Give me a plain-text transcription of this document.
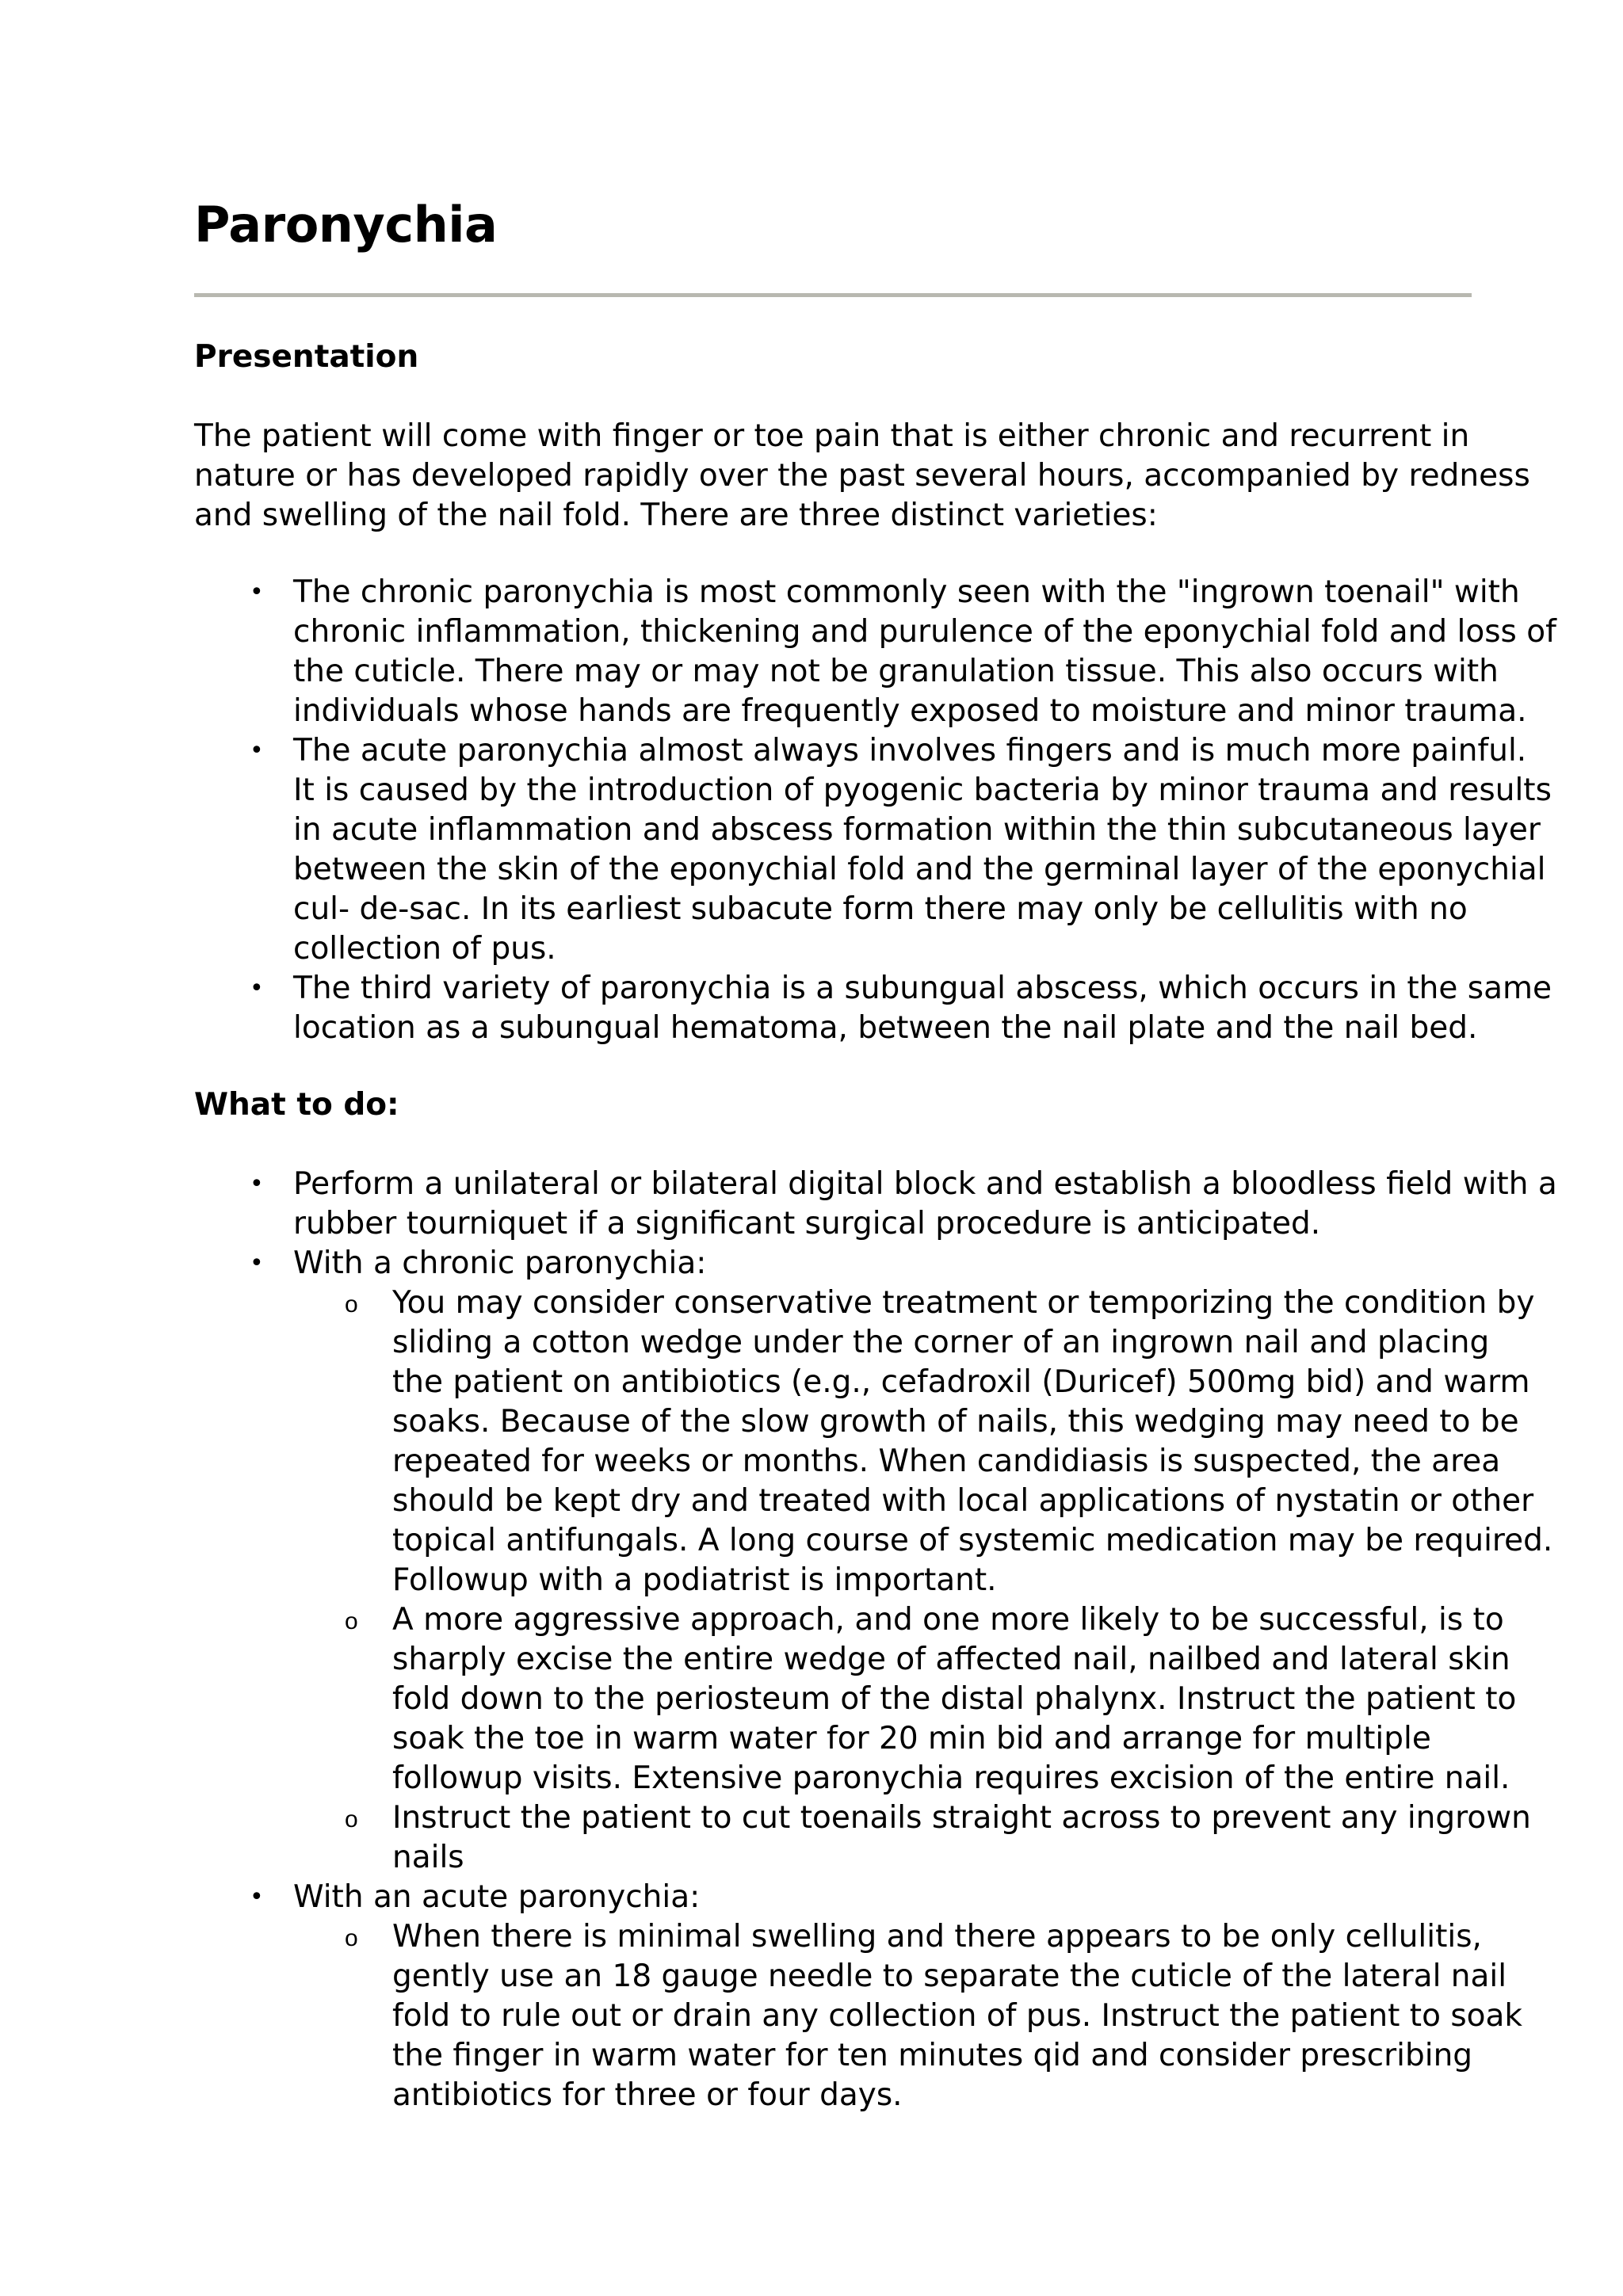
Paronychia
Presentation

The patient will come with finger or toe pain that is either chronic and recurrent in
nature or has developed rapidly over the past several hours, accompanied by redness
and swelling of the nail fold. There are three distinct varieties:

• The chronic paronychia is most commonly seen with the "ingrown toenail" with
chronic inflammation, thickening and purulence of the eponychial fold and loss of
the cuticle. There may or may not be granulation tissue. This also occurs with
individuals whose hands are frequently exposed to moisture and minor trauma.
• The acute paronychia almost always involves fingers and is much more painful.
It is caused by the introduction of pyogenic bacteria by minor trauma and results
in acute inflammation and abscess formation within the thin subcutaneous layer
between the skin of the eponychial fold and the germinal layer of the eponychial
cul- de-sac. In its earliest subacute form there may only be cellulitis with no
collection of pus.
• The third variety of paronychia is a subungual abscess, which occurs in the same
location as a subungual hematoma, between the nail plate and the nail bed.
What to do:
• Perform a unilateral or bilateral digital block and establish a bloodless field with a
rubber tourniquet if a significant surgical procedure is anticipated.
• With a chronic paronychia:
o You may consider conservative treatment or temporizing the condition by
sliding a cotton wedge under the corner of an ingrown nail and placing
the patient on antibiotics (e.g., cefadroxil (Duricef) 500mg bid) and warm
soaks. Because of the slow growth of nails, this wedging may need to be
repeated for weeks or months. When candidiasis is suspected, the area
should be kept dry and treated with local applications of nystatin or other
topical antifungals. A long course of systemic medication may be required.
Followup with a podiatrist is important.
o A more aggressive approach, and one more likely to be successful, is to
sharply excise the entire wedge of affected nail, nailbed and lateral skin
fold down to the periosteum of the distal phalynx. Instruct the patient to
soak the toe in warm water for 20 min bid and arrange for multiple
followup visits. Extensive paronychia requires excision of the entire nail.
o Instruct the patient to cut toenails straight across to prevent any ingrown
nails
• With an acute paronychia:
o When there is minimal swelling and there appears to be only cellulitis,
gently use an 18 gauge needle to separate the cuticle of the lateral nail
fold to rule out or drain any collection of pus. Instruct the patient to soak
the finger in warm water for ten minutes qid and consider prescribing
antibiotics for three or four days.
